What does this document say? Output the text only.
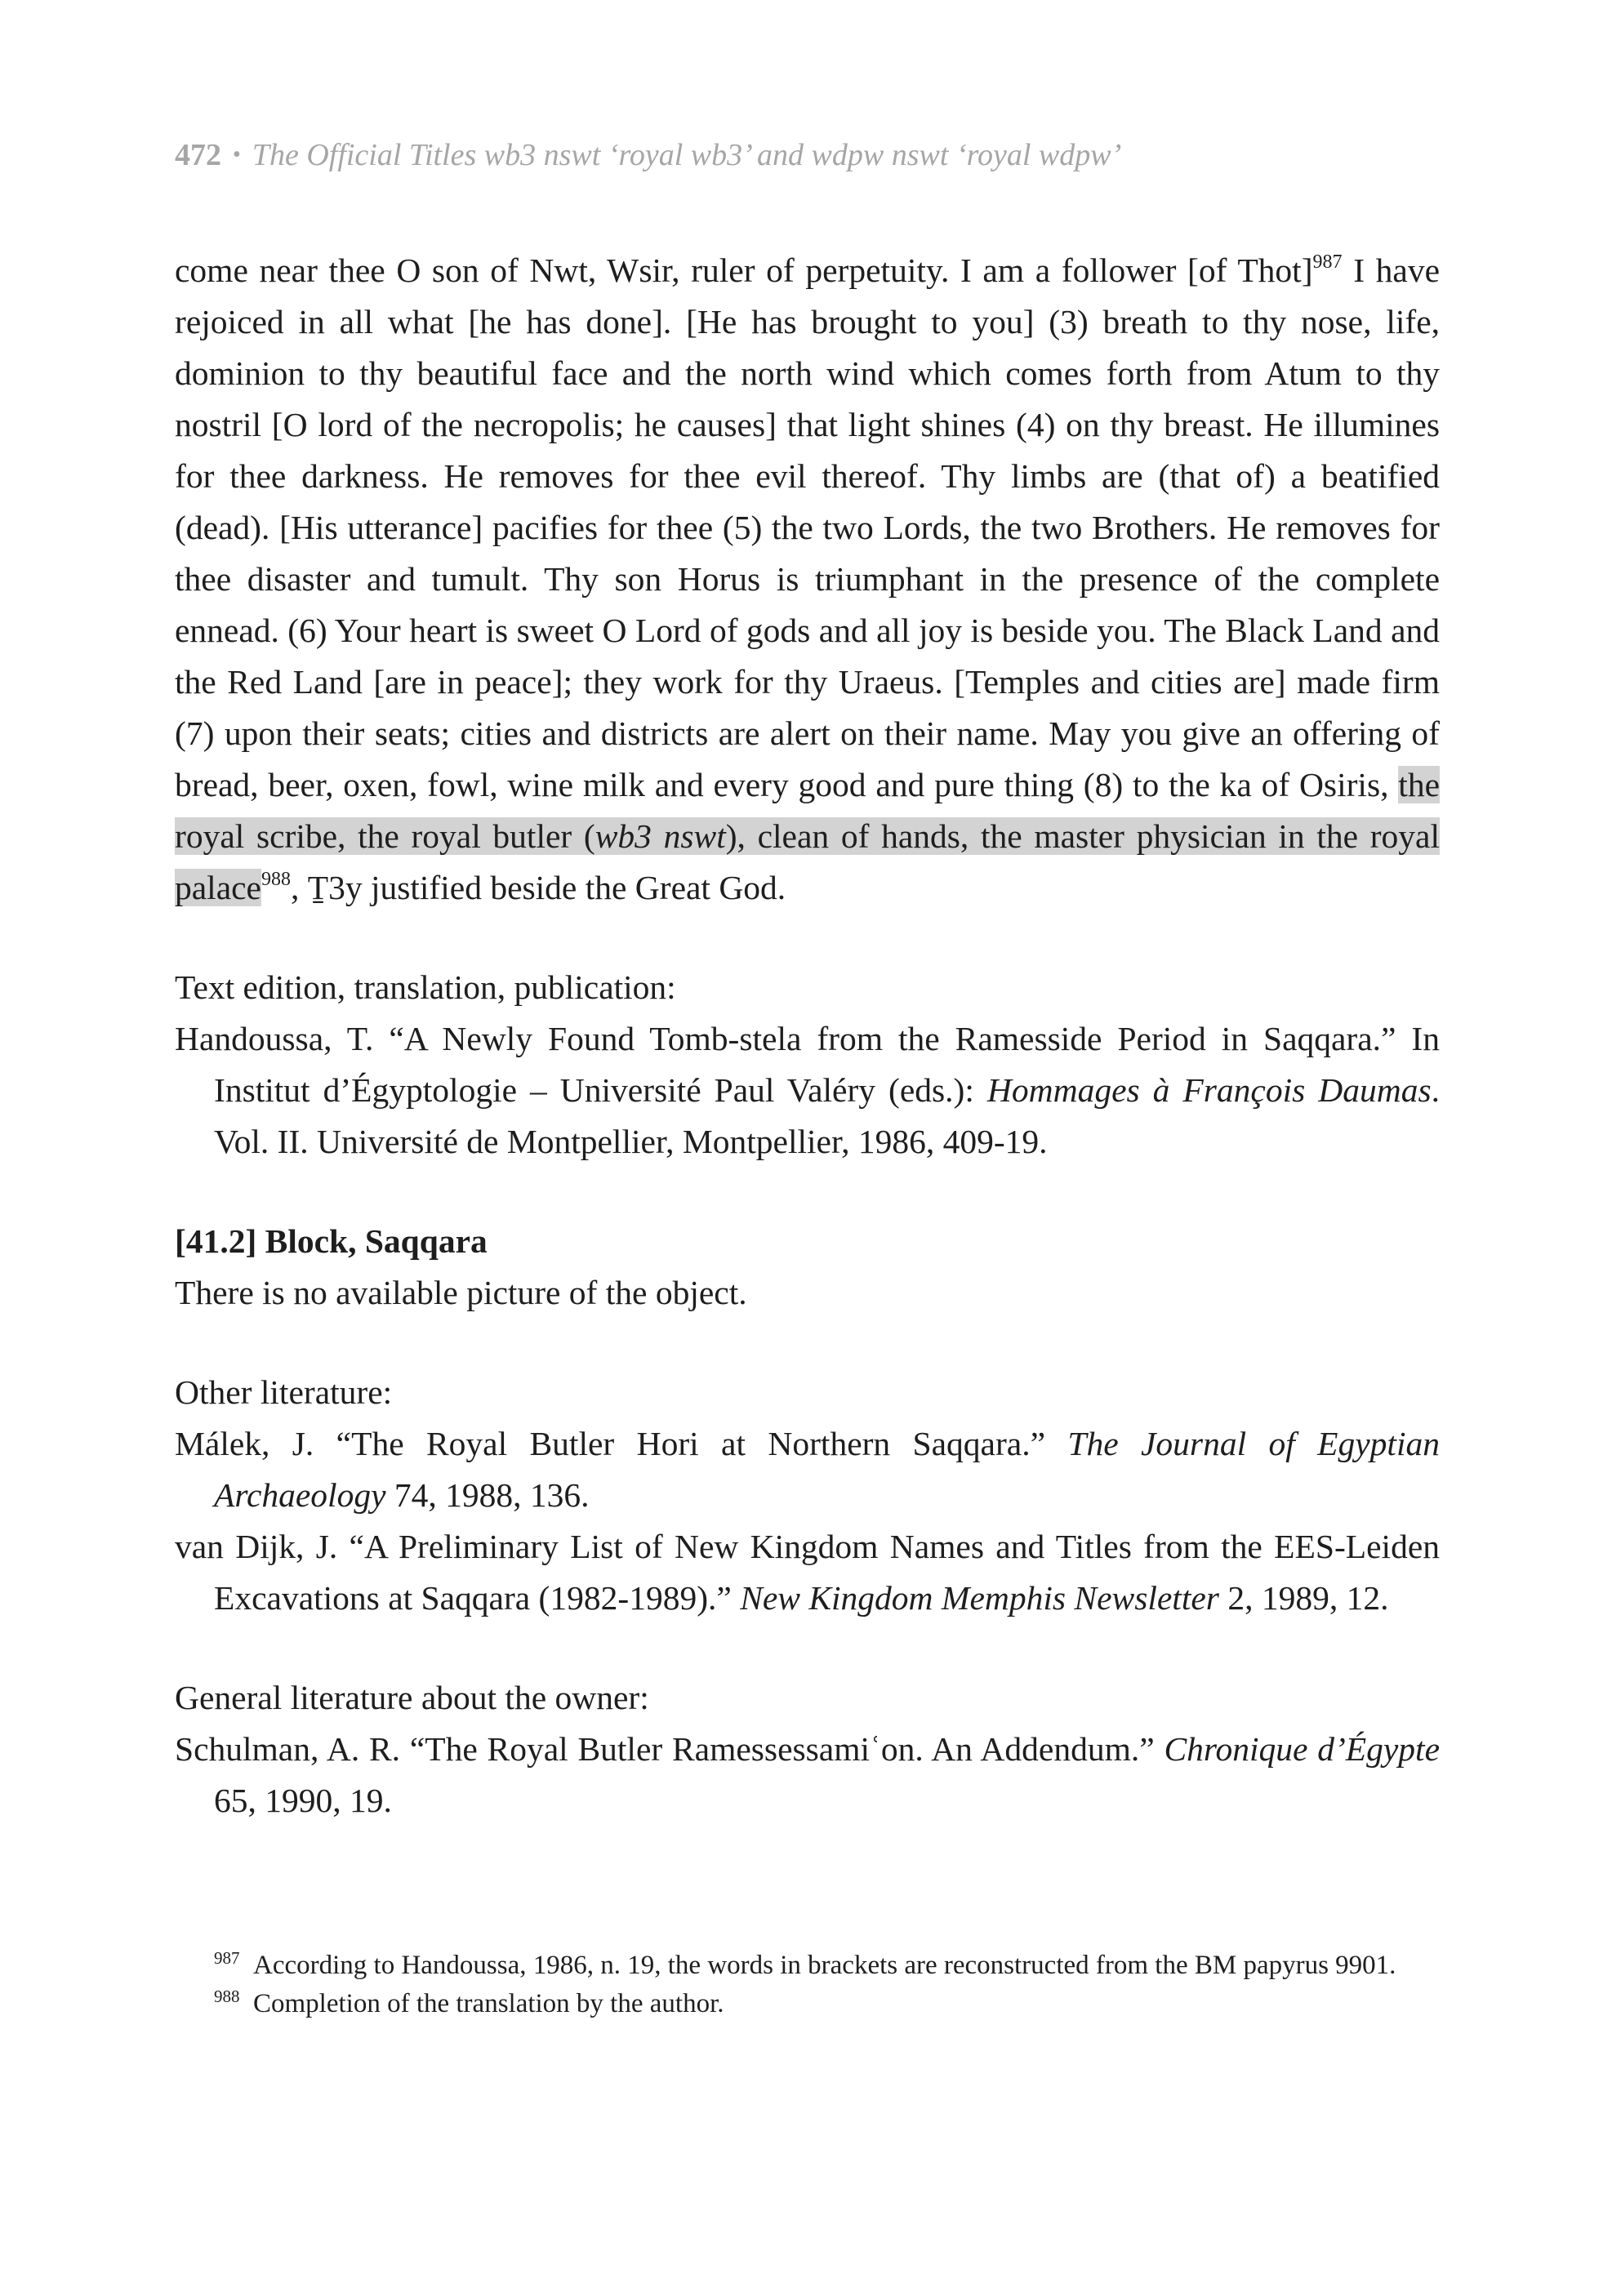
472 • The Official Titles wb3 nswt ‘royal wb3’ and wdpw nswt ‘royal wdpw’

come near thee O son of Nwt, Wsir, ruler of perpetuity. I am a follower [of Thot]$^{987}$ I have rejoiced in all what [he has done]. [He has brought to you] (3) breath to thy nose, life, dominion to thy beautiful face and the north wind which comes forth from Atum to thy nostril [O lord of the necropolis; he causes] that light shines (4) on thy breast. He illumines for thee darkness. He removes for thee evil thereof. Thy limbs are (that of) a beatified (dead). [His utterance] pacifies for thee (5) the two Lords, the two Brothers. He removes for thee disaster and tumult. Thy son Horus is triumphant in the presence of the complete ennead. (6) Your heart is sweet O Lord of gods and all joy is beside you. The Black Land and the Red Land [are in peace]; they work for thy Uraeus. [Temples and cities are] made firm (7) upon their seats; cities and districts are alert on their name. May you give an offering of bread, beer, oxen, fowl, wine milk and every good and pure thing (8) to the ka of Osiris, the royal scribe, the royal butler (wb3 nswt), clean of hands, the master physician in the royal palace$^{988}$, Ṯ3y justified beside the Great God.

Text edition, translation, publication:

Handoussa, T. “A Newly Found Tomb-stela from the Ramesside Period in Saqqara.” In Institut d’Égyptologie – Université Paul Valéry (eds.): Hommages à François Daumas. Vol. II. Université de Montpellier, Montpellier, 1986, 409-19.

[41.2] Block, Saqqara

There is no available picture of the object.

Other literature:

Málek, J. “The Royal Butler Hori at Northern Saqqara.” The Journal of Egyptian Archaeology 74, 1988, 136.

van Dijk, J. “A Preliminary List of New Kingdom Names and Titles from the EES-Leiden Excavations at Saqqara (1982-1989).” New Kingdom Memphis Newsletter 2, 1989, 12.

General literature about the owner:

Schulman, A. R. “The Royal Butler Ramessessamiʿon. An Addendum.” Chronique d’Égypte 65, 1990, 19.

987 According to Handoussa, 1986, n. 19, the words in brackets are reconstructed from the BM papyrus 9901.

988 Completion of the translation by the author.
